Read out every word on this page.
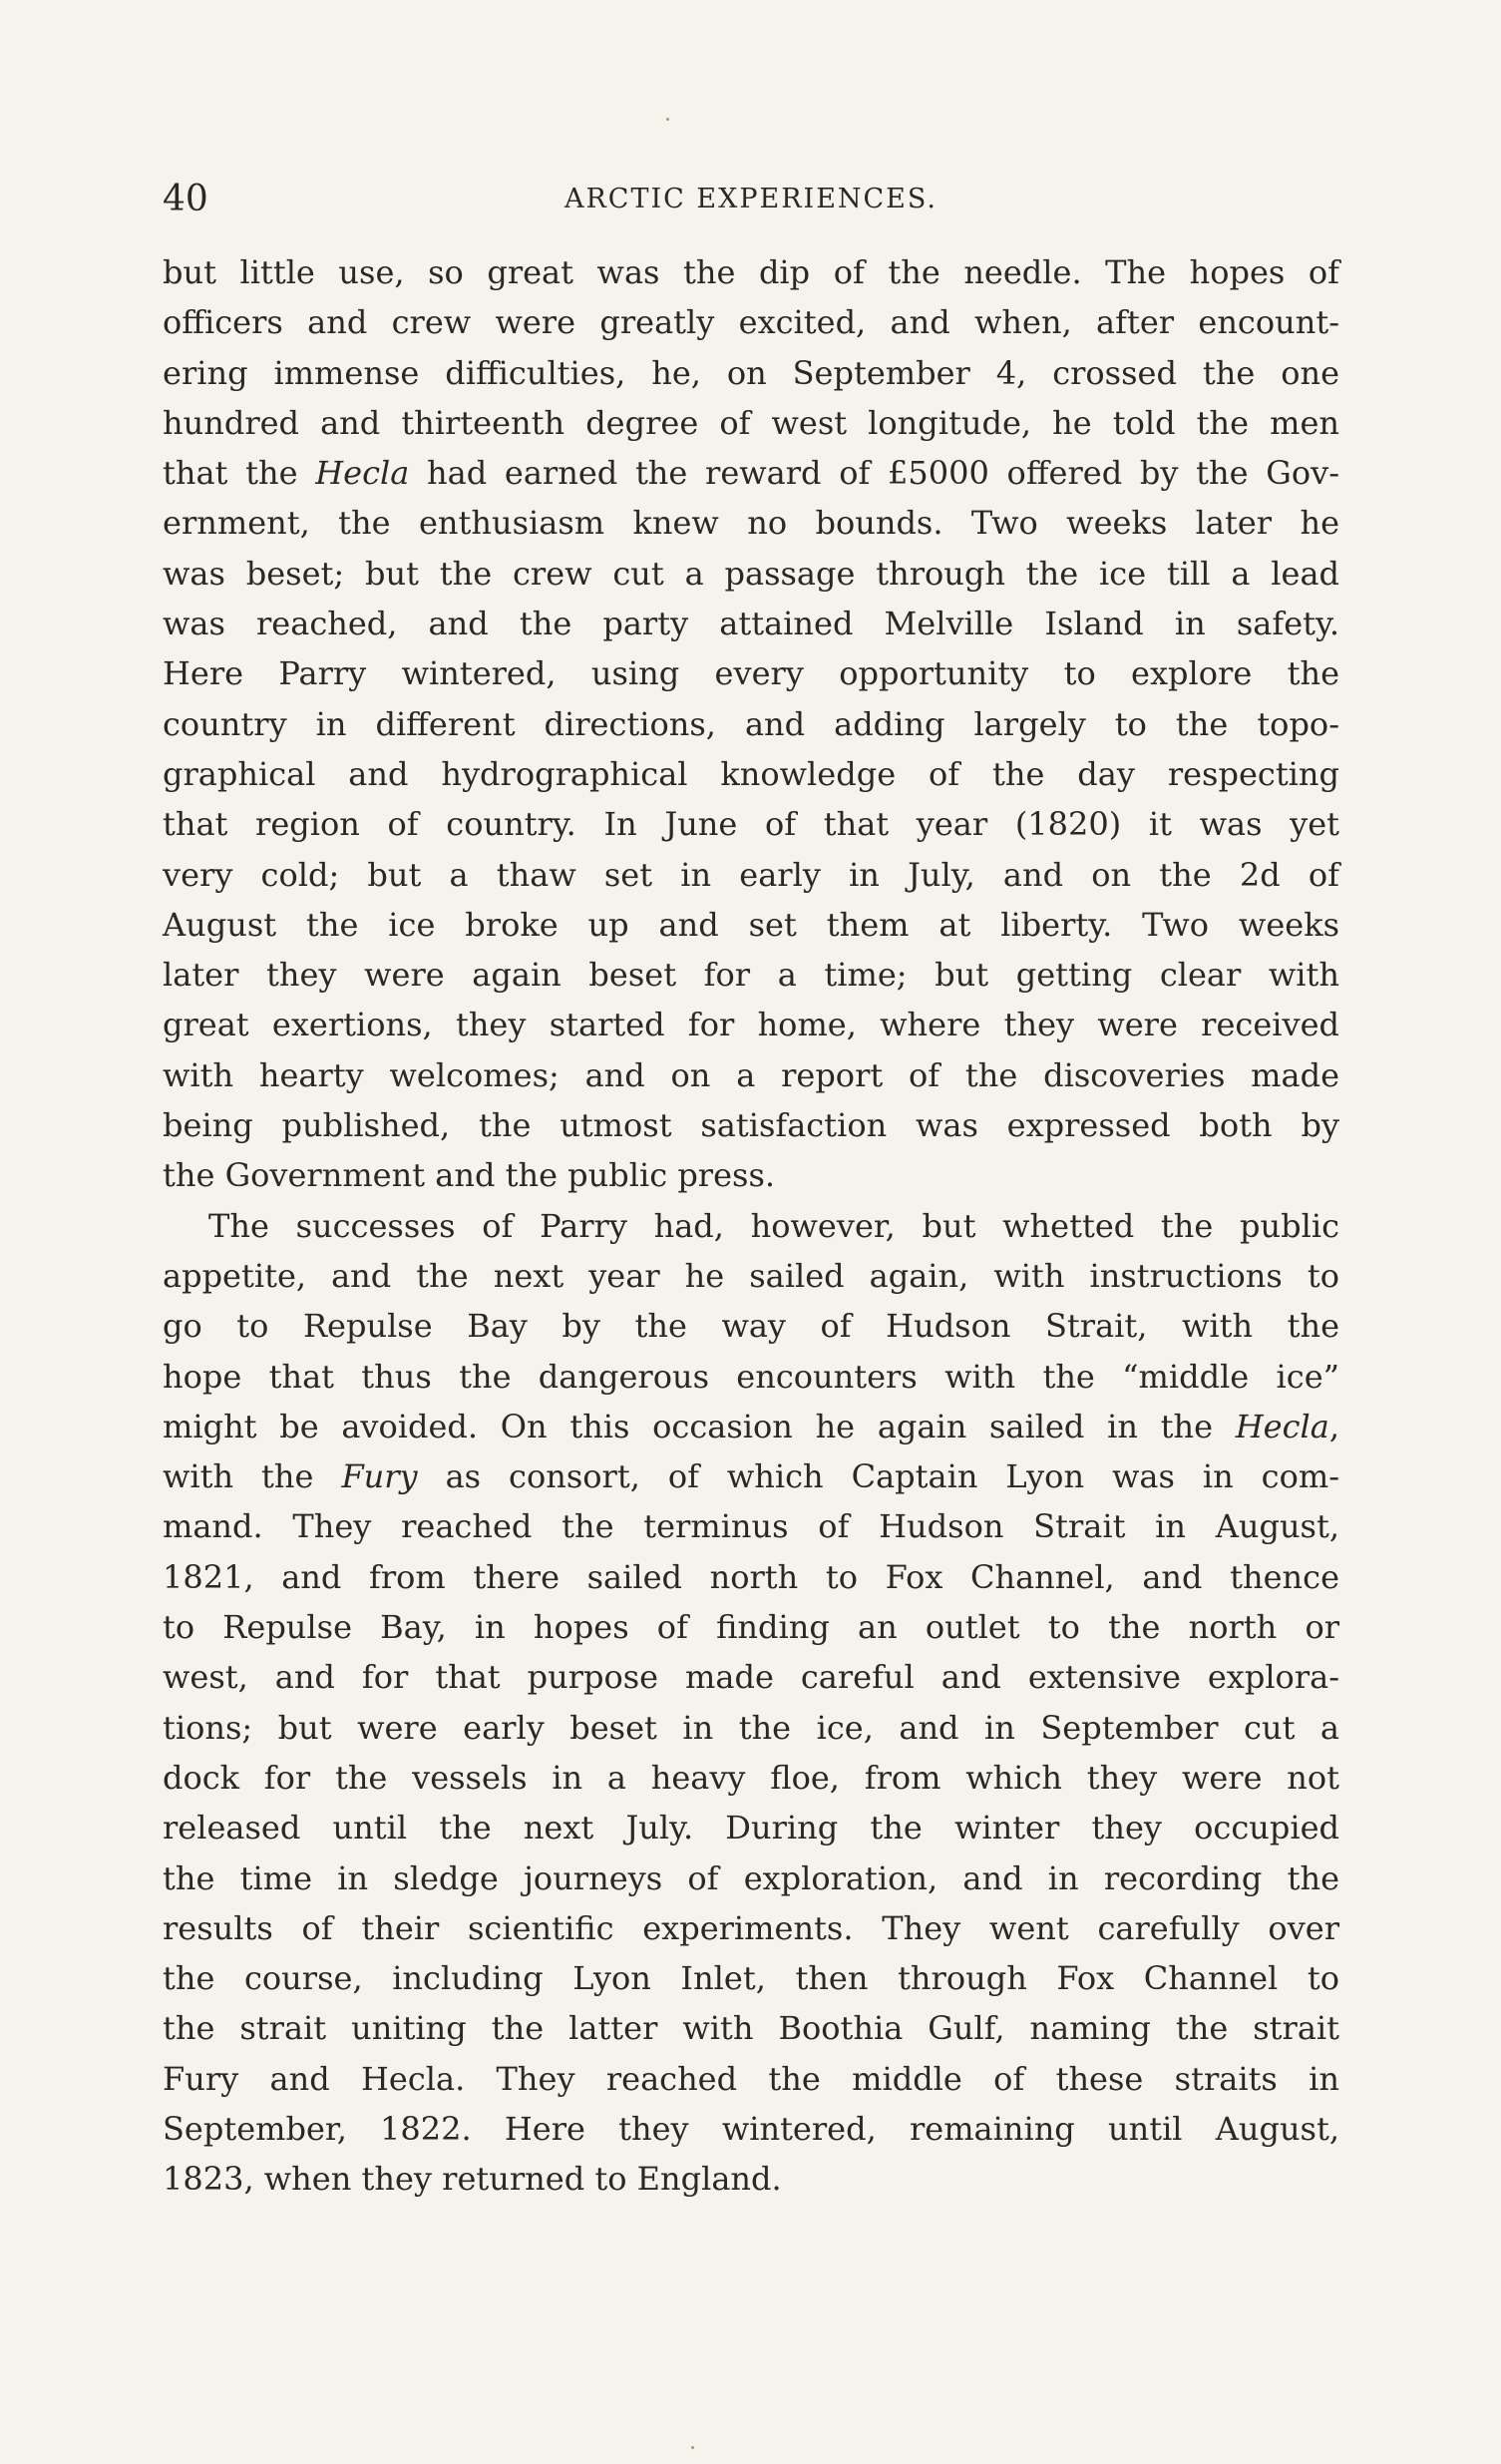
40	ARCTIC EXPERIENCES.
but little use, so great was the dip of the needle. The hopes of
officers and crew were greatly excited, and when, after encount-
ering immense difficulties, he, on September 4, crossed the one
hundred and thirteenth degree of west longitude, he told the men
that the Hecla had earned the reward of £5000 offered by the Gov-
ernment, the enthusiasm knew no bounds. Two weeks later he
was beset; but the crew cut a passage through the ice till a lead
was reached, and the party attained Melville Island in safety.
Here Parry wintered, using every opportunity to explore the
country in different directions, and adding largely to the topo-
graphical and hydrographical knowledge of the day respecting
that region of country. In June of that year (1820) it was yet
very cold; but a thaw set in early in July, and on the 2d of
August the ice broke up and set them at liberty. Two weeks
later they were again beset for a time; but getting clear with
great exertions, they started for home, where they were received
with hearty welcomes; and on a report of the discoveries made
being published, the utmost satisfaction was expressed both by
the Government and the public press.
The successes of Parry had, however, but whetted the public
appetite, and the next year he sailed again, with instructions to
go to Repulse Bay by the way of Hudson Strait, with the
hope that thus the dangerous encounters with the “middle ice”
might be avoided. On this occasion he again sailed in the Hecla,
with the Fury as consort, of which Captain Lyon was in com-
mand. They reached the terminus of Hudson Strait in August,
1821, and from there sailed north to Fox Channel, and thence
to Repulse Bay, in hopes of finding an outlet to the north or
west, and for that purpose made careful and extensive explora-
tions; but were early beset in the ice, and in September cut a
dock for the vessels in a heavy floe, from which they were not
released until the next July. During the winter they occupied
the time in sledge journeys of exploration, and in recording the
results of their scientific experiments. They went carefully over
the course, including Lyon Inlet, then through Fox Channel to
the strait uniting the latter with Boothia Gulf, naming the strait
Fury and Hecla. They reached the middle of these straits in
September, 1822. Here they wintered, remaining until August,
1823, when they returned to England.
